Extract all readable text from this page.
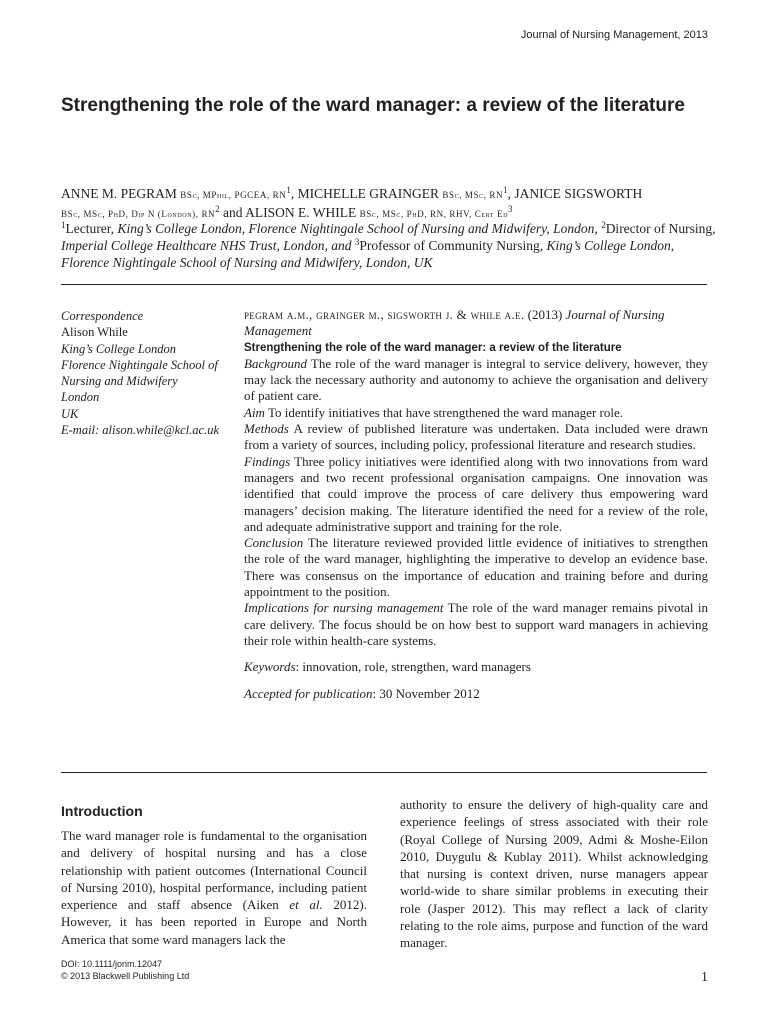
Journal of Nursing Management, 2013
Strengthening the role of the ward manager: a review of the literature
ANNE M. PEGRAM BSc, MPhil, PGCEA, $RN^1$, MICHELLE GRAINGER BSc, MSc, $RN^1$, JANICE SIGSWORTH
BSc, MSc, PhD, Dip N (London), $RN^2$ and ALISON E. WHILE BSc, MSc, PhD, RN, RHV, Cert Ed$^3$
$^1$Lecturer, King’s College London, Florence Nightingale School of Nursing and Midwifery, London, $^2$Director of Nursing, Imperial College Healthcare NHS Trust, London, and $^3$Professor of Community Nursing, King’s College London, Florence Nightingale School of Nursing and Midwifery, London, UK
Correspondence
Alison While
King’s College London
Florence Nightingale School of
Nursing and Midwifery
London
UK
E-mail: alison.while@kcl.ac.uk

pegram a.m., grainger m., sigsworth j. & while a.e. (2013) Journal of Nursing Management

Strengthening the role of the ward manager: a review of the literature

Background The role of the ward manager is integral to service delivery, however, they may lack the necessary authority and autonomy to achieve the organisation and delivery of patient care.

Aim To identify initiatives that have strengthened the ward manager role.

Methods A review of published literature was undertaken. Data included were drawn from a variety of sources, including policy, professional literature and research studies.

Findings Three policy initiatives were identified along with two innovations from ward managers and two recent professional organisation campaigns. One innovation was identified that could improve the process of care delivery thus empowering ward managers’ decision making. The literature identified the need for a review of the role, and adequate administrative support and training for the role.

Conclusion The literature reviewed provided little evidence of initiatives to strengthen the role of the ward manager, highlighting the imperative to develop an evidence base. There was consensus on the importance of education and training before and during appointment to the position.

Implications for nursing management The role of the ward manager remains pivotal in care delivery. The focus should be on how best to support ward managers in achieving their role within health-care systems.

Keywords: innovation, role, strengthen, ward managers

Accepted for publication: 30 November 2012

Introduction
The ward manager role is fundamental to the organisation and delivery of hospital nursing and has a close relationship with patient outcomes (International Council of Nursing 2010), hospital performance, including patient experience and staff absence (Aiken et al. 2012). However, it has been reported in Europe and North America that some ward managers lack the
authority to ensure the delivery of high-quality care and experience feelings of stress associated with their role (Royal College of Nursing 2009, Admi & Moshe-Eilon 2010, Duygulu & Kublay 2011). Whilst acknowledging that nursing is context driven, nurse managers appear world-wide to share similar problems in executing their role (Jasper 2012). This may reflect a lack of clarity relating to the role aims, purpose and function of the ward manager.
DOI: 10.1111/jonm.12047
© 2013 Blackwell Publishing Ltd	1
